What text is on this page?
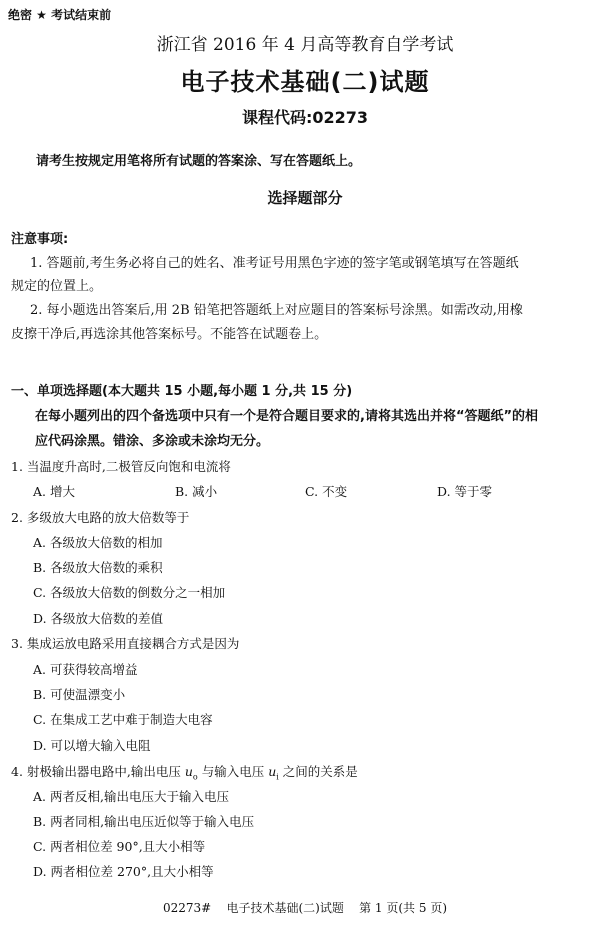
绝密 ★ 考试结束前
浙江省 2016 年 4 月高等教育自学考试
电子技术基础(二)试题
课程代码:02273
请考生按规定用笔将所有试题的答案涂、写在答题纸上。
选择题部分
注意事项:
1. 答题前,考生务必将自己的姓名、准考证号用黑色字迹的签字笔或钢笔填写在答题纸
规定的位置上。
2. 每小题选出答案后,用 2B 铅笔把答题纸上对应题目的答案标号涂黑。如需改动,用橡
皮擦干净后,再选涂其他答案标号。不能答在试题卷上。
一、单项选择题(本大题共 15 小题,每小题 1 分,共 15 分)
在每小题列出的四个备选项中只有一个是符合题目要求的,请将其选出并将“答题纸”的相
应代码涂黑。错涂、多涂或未涂均无分。
1. 当温度升高时,二极管反向饱和电流将
A. 增大	B. 减小	C. 不变	D. 等于零
2. 多级放大电路的放大倍数等于
A. 各级放大倍数的相加
B. 各级放大倍数的乘积
C. 各级放大倍数的倒数分之一相加
D. 各级放大倍数的差值
3. 集成运放电路采用直接耦合方式是因为
A. 可获得较高增益
B. 可使温漂变小
C. 在集成工艺中难于制造大电容
D. 可以增大输入电阻
4. 射极输出器电路中,输出电压 $u_o$ 与输入电压 $u_i$ 之间的关系是
A. 两者反相,输出电压大于输入电压
B. 两者同相,输出电压近似等于输入电压
C. 两者相位差 90°,且大小相等
D. 两者相位差 270°,且大小相等
02273#    电子技术基础(二)试题    第 1 页(共 5 页)
